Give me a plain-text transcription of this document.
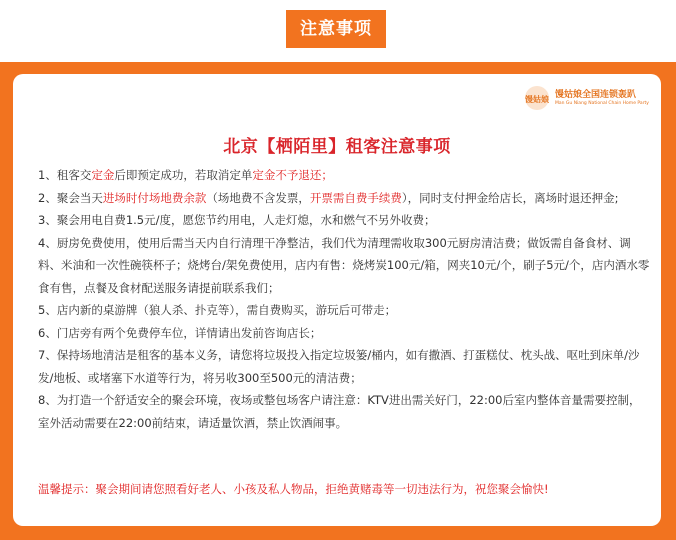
注意事项
馒姑娘 馒姑娘全国连锁轰趴
Man Gu Niang National Chain Home Party
北京【栖陌里】租客注意事项

1、租客交定金后即预定成功，若取消定单定金不予退还；

2、聚会当天进场时付场地费余款（场地费不含发票，开票需自费手续费），同时支付押金给店长，离场时退还押金;

3、聚会用电自费1.5元/度，愿您节约用电，人走灯熄，水和燃气不另外收费；

4、厨房免费使用，使用后需当天内自行清理干净整洁，我们代为清理需收取300元厨房清洁费；做饭需自备食材、调料、米油和一次性碗筷杯子；烧烤台/架免费使用，店内有售：烧烤炭100元/箱，网夹10元/个，刷子5元/个，店内酒水零食有售，点餐及食材配送服务请提前联系我们；

5、店内新的桌游牌（狼人杀、扑克等），需自费购买，游玩后可带走；

6、门店旁有两个免费停车位，详情请出发前咨询店长；

7、保持场地清洁是租客的基本义务，请您将垃圾投入指定垃圾篓/桶内，如有撒酒、打蛋糕仗、枕头战、呕吐到床单/沙发/地板、或堵塞下水道等行为，将另收300至500元的清洁费；

8、为打造一个舒适安全的聚会环境，夜场或整包场客户请注意：KTV进出需关好门，22:00后室内整体音量需要控制，室外活动需要在22:00前结束，请适量饮酒，禁止饮酒闹事。

温馨提示：聚会期间请您照看好老人、小孩及私人物品，拒绝黄赌毒等一切违法行为，祝您聚会愉快!
